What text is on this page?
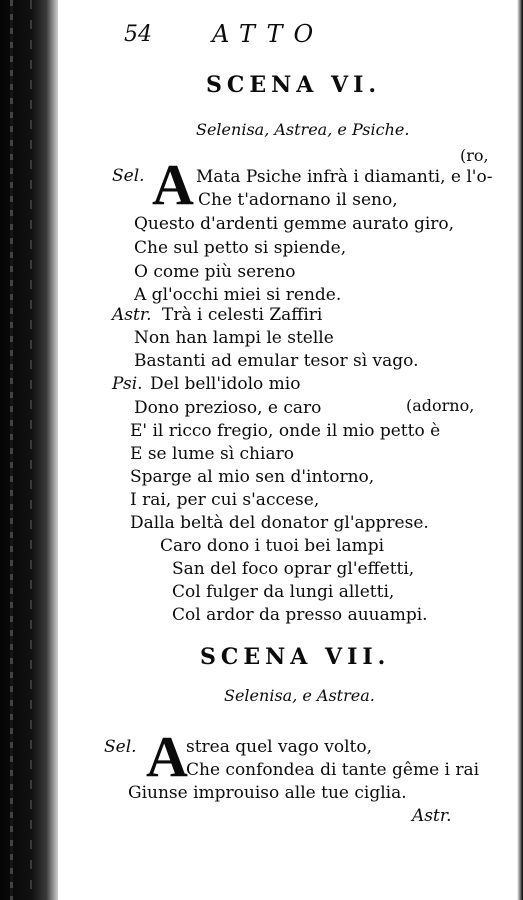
54	ATTO
SCENA VI.
Selenisa, Astrea, e Psiche.
(ro,
Sel. A Mata Psiche infrà i diamanti, e l'o-
Che t'adornano il seno,
Questo d'ardenti gemme aurato giro,
Che sul petto si spiende,
O come più sereno
A gl'occhi miei si rende.
Astr. Trà i celesti Zaffiri
Non han lampi le stelle
Bastanti ad emular tesor sì vago.
Psi. Del bell'idolo mio
Dono prezioso, e caro	(adorno,
E' il ricco fregio, onde il mio petto è
E se lume sì chiaro
Sparge al mio sen d'intorno,
I rai, per cui s'accese,
Dalla beltà del donator gl'apprese.
Caro dono i tuoi bei lampi
San del foco oprar gl'effetti,
Col fulger da lungi alletti,
Col ardor da presso auuampi.
SCENA VII.
Selenisa, e Astrea.
Sel. A
strea quel vago volto,
Che confondea di tante gême i rai
Giunse improuiso alle tue ciglia.
Astr.
